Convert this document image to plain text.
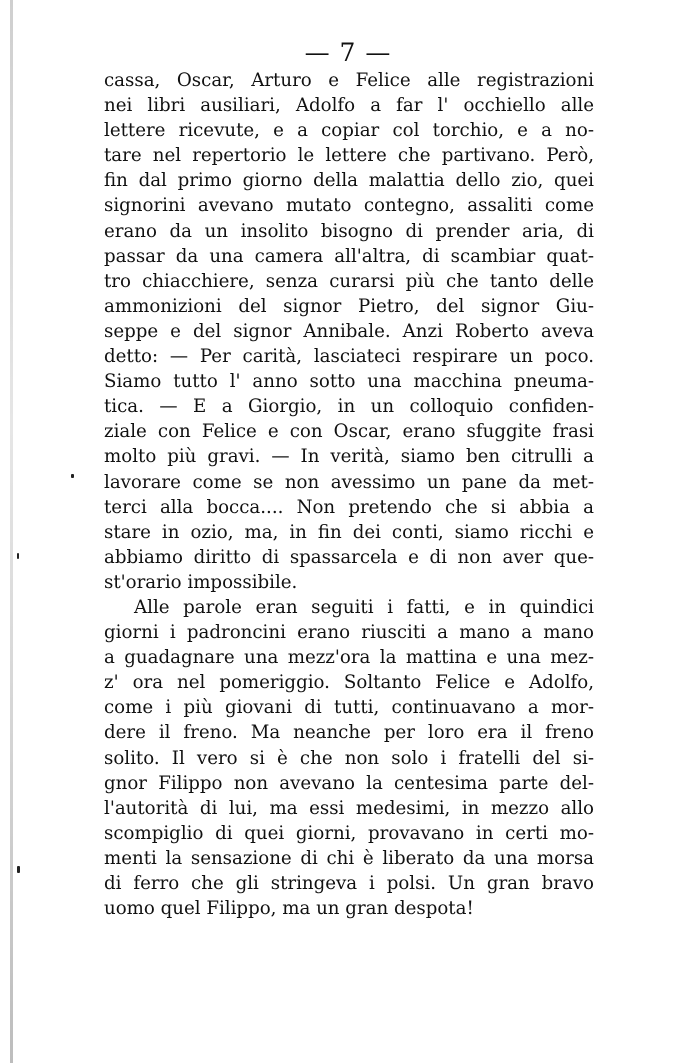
— 7 —
cassa, Oscar, Arturo e Felice alle registrazioni
nei libri ausiliari, Adolfo a far l' occhiello alle
lettere ricevute, e a copiar col torchio, e a no-
tare nel repertorio le lettere che partivano. Però,
fin dal primo giorno della malattia dello zio, quei
signorini avevano mutato contegno, assaliti come
erano da un insolito bisogno di prender aria, di
passar da una camera all'altra, di scambiar quat-
tro chiacchiere, senza curarsi più che tanto delle
ammonizioni del signor Pietro, del signor Giu-
seppe e del signor Annibale. Anzi Roberto aveva
detto: — Per carità, lasciateci respirare un poco.
Siamo tutto l' anno sotto una macchina pneuma-
tica. — E a Giorgio, in un colloquio confiden-
ziale con Felice e con Oscar, erano sfuggite frasi
molto più gravi. — In verità, siamo ben citrulli a
lavorare come se non avessimo un pane da met-
terci alla bocca.... Non pretendo che si abbia a
stare in ozio, ma, in fin dei conti, siamo ricchi e
abbiamo diritto di spassarcela e di non aver que-
st'orario impossibile.
Alle parole eran seguiti i fatti, e in quindici
giorni i padroncini erano riusciti a mano a mano
a guadagnare una mezz'ora la mattina e una mez-
z' ora nel pomeriggio. Soltanto Felice e Adolfo,
come i più giovani di tutti, continuavano a mor-
dere il freno. Ma neanche per loro era il freno
solito. Il vero si è che non solo i fratelli del si-
gnor Filippo non avevano la centesima parte del-
l'autorità di lui, ma essi medesimi, in mezzo allo
scompiglio di quei giorni, provavano in certi mo-
menti la sensazione di chi è liberato da una morsa
di ferro che gli stringeva i polsi. Un gran bravo
uomo quel Filippo, ma un gran despota!
